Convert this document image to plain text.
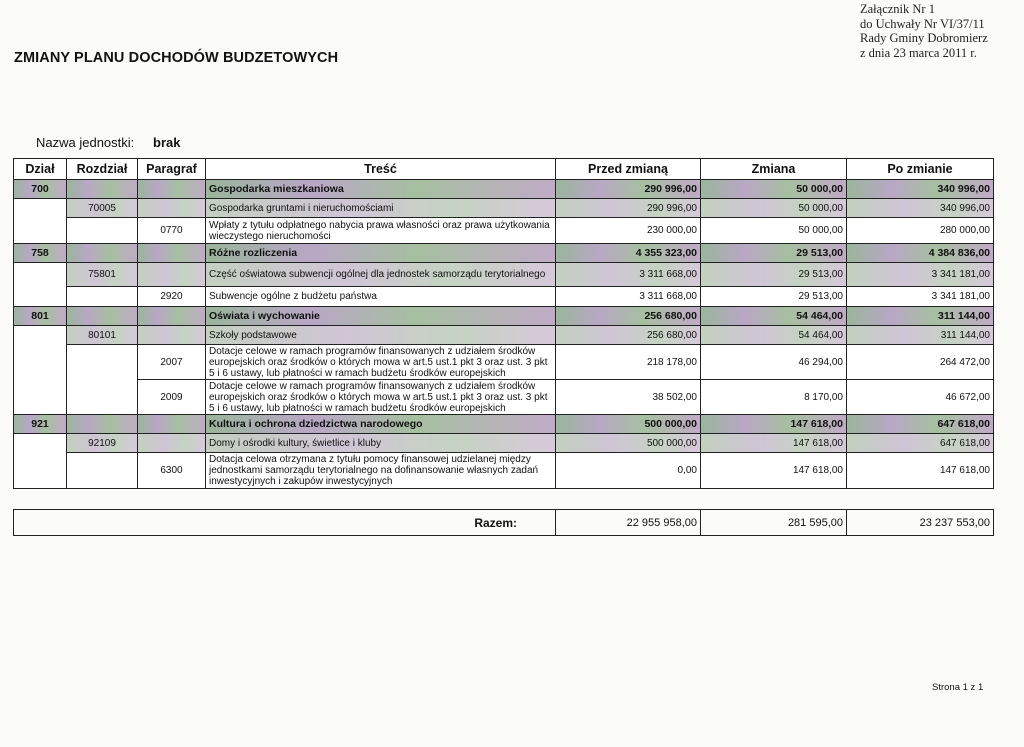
Załącznik Nr 1
do Uchwały Nr VI/37/11
Rady Gminy Dobromierz
z dnia 23 marca 2011 r.
ZMIANY PLANU DOCHODÓW BUDZETOWYCH
Nazwa jednostki: brak
Dział	Rozdział	Paragraf	Treść	Przed zmianą	Zmiana	Po zmianie
700			Gospodarka mieszkaniowa	290 996,00	50 000,00	340 996,00
	70005		Gospodarka gruntami i nieruchomościami	290 996,00	50 000,00	340 996,00
		0770	Wpłaty z tytułu odpłatnego nabycia prawa własności oraz prawa użytkowania wieczystego nieruchomości	230 000,00	50 000,00	280 000,00
758			Różne rozliczenia	4 355 323,00	29 513,00	4 384 836,00
	75801		Część oświatowa subwencji ogólnej dla jednostek samorządu terytorialnego	3 311 668,00	29 513,00	3 341 181,00
		2920	Subwencje ogólne z budżetu państwa	3 311 668,00	29 513,00	3 341 181,00
801			Oświata i wychowanie	256 680,00	54 464,00	311 144,00
	80101		Szkoły podstawowe	256 680,00	54 464,00	311 144,00
		2007	Dotacje celowe w ramach programów finansowanych z udziałem środków europejskich oraz środków o których mowa w art.5 ust.1 pkt 3 oraz ust. 3 pkt 5 i 6 ustawy, lub płatności w ramach budżetu środków europejskich	218 178,00	46 294,00	264 472,00
		2009	Dotacje celowe w ramach programów finansowanych z udziałem środków europejskich oraz środków o których mowa w art.5 ust.1 pkt 3 oraz ust. 3 pkt 5 i 6 ustawy, lub płatności w ramach budżetu środków europejskich	38 502,00	8 170,00	46 672,00
921			Kultura i ochrona dziedzictwa narodowego	500 000,00	147 618,00	647 618,00
	92109		Domy i ośrodki kultury, świetlice i kluby	500 000,00	147 618,00	647 618,00
		6300	Dotacja celowa otrzymana z tytułu pomocy finansowej udzielanej między jednostkami samorządu terytorialnego na dofinansowanie własnych zadań inwestycyjnych i zakupów inwestycyjnych	0,00	147 618,00	147 618,00
Razem:	22 955 958,00	281 595,00	23 237 553,00
Strona 1 z 1
